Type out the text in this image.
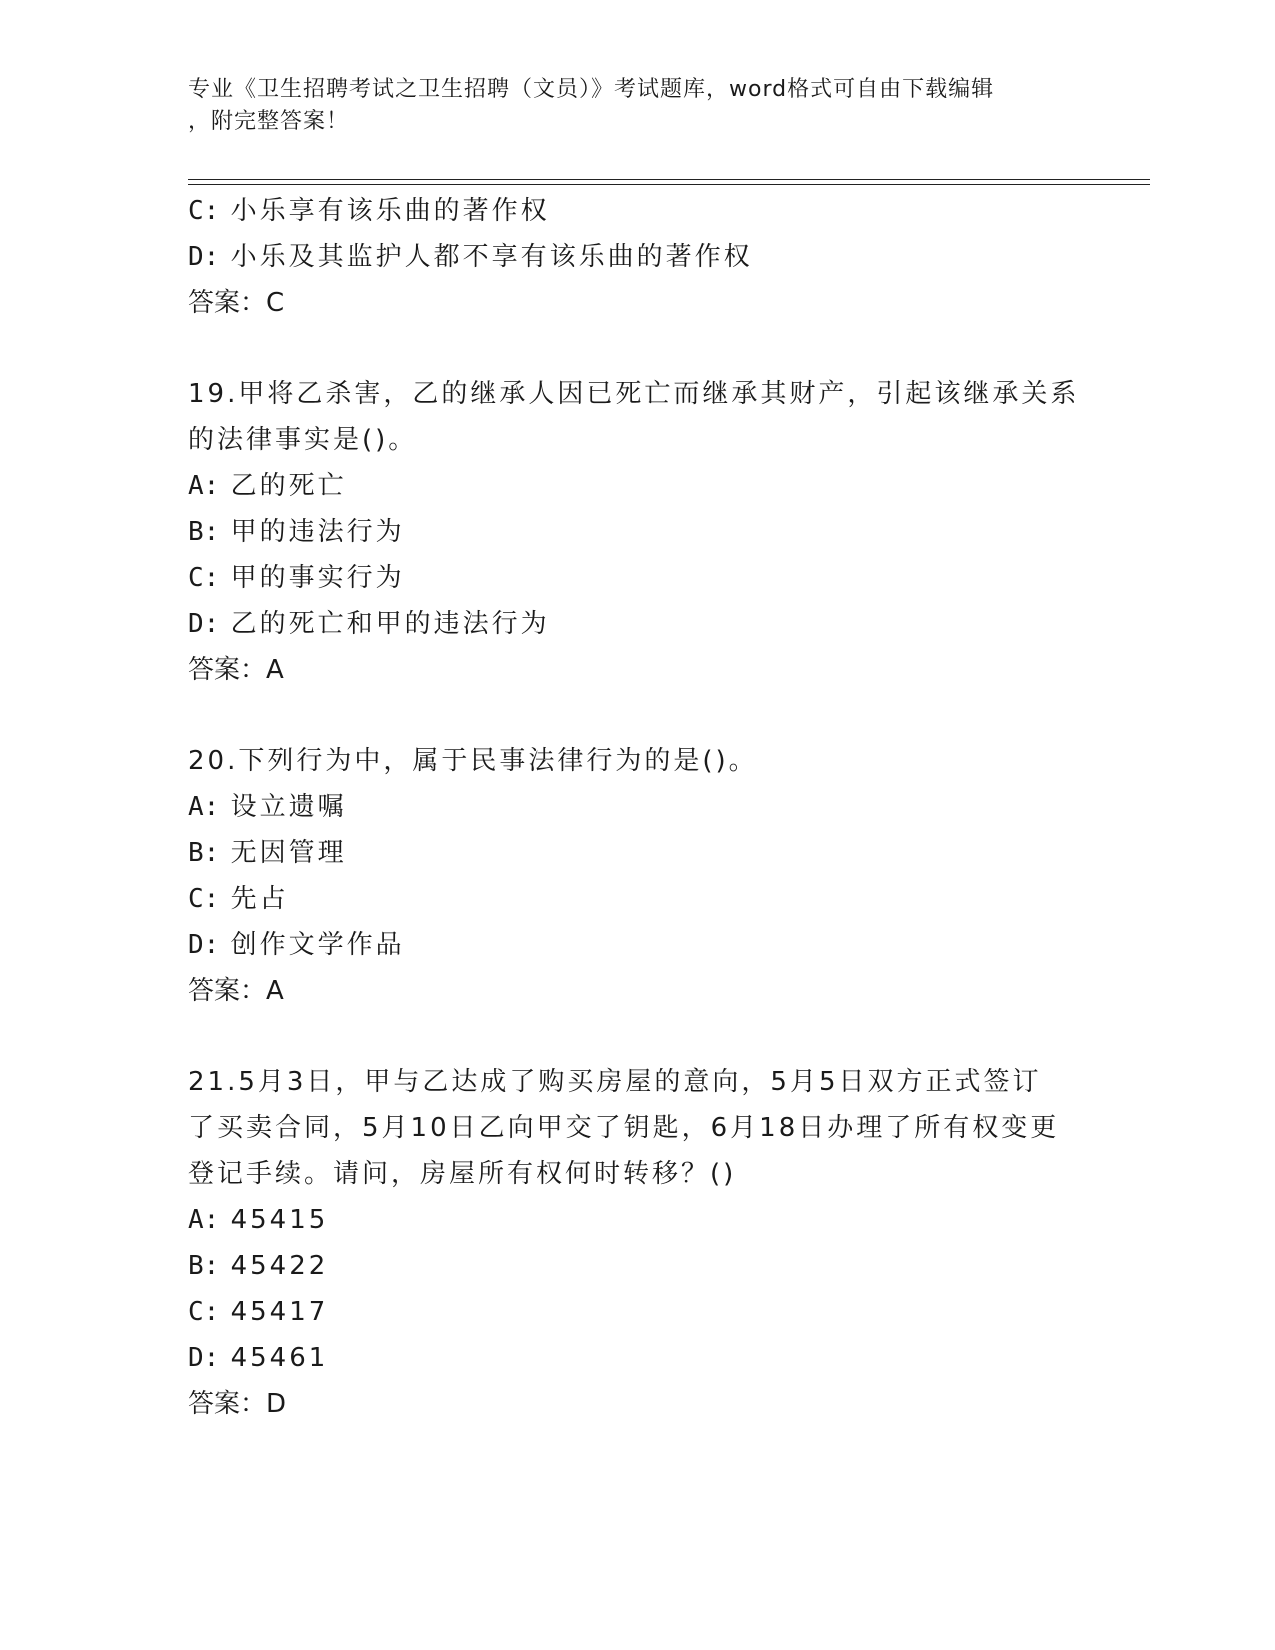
专业《卫生招聘考试之卫生招聘（文员）》考试题库，word格式可自由下载编辑
，附完整答案！
C: 小乐享有该乐曲的著作权
D: 小乐及其监护人都不享有该乐曲的著作权
答案：C
19.甲将乙杀害，乙的继承人因已死亡而继承其财产，引起该继承关系
的法律事实是()。
A: 乙的死亡
B: 甲的违法行为
C: 甲的事实行为
D: 乙的死亡和甲的违法行为
答案：A
20.下列行为中，属于民事法律行为的是()。
A: 设立遗嘱
B: 无因管理
C: 先占
D: 创作文学作品
答案：A
21.5月3日，甲与乙达成了购买房屋的意向，5月5日双方正式签订
了买卖合同，5月10日乙向甲交了钥匙，6月18日办理了所有权变更
登记手续。请问，房屋所有权何时转移？()
A: 45415
B: 45422
C: 45417
D: 45461
答案：D
